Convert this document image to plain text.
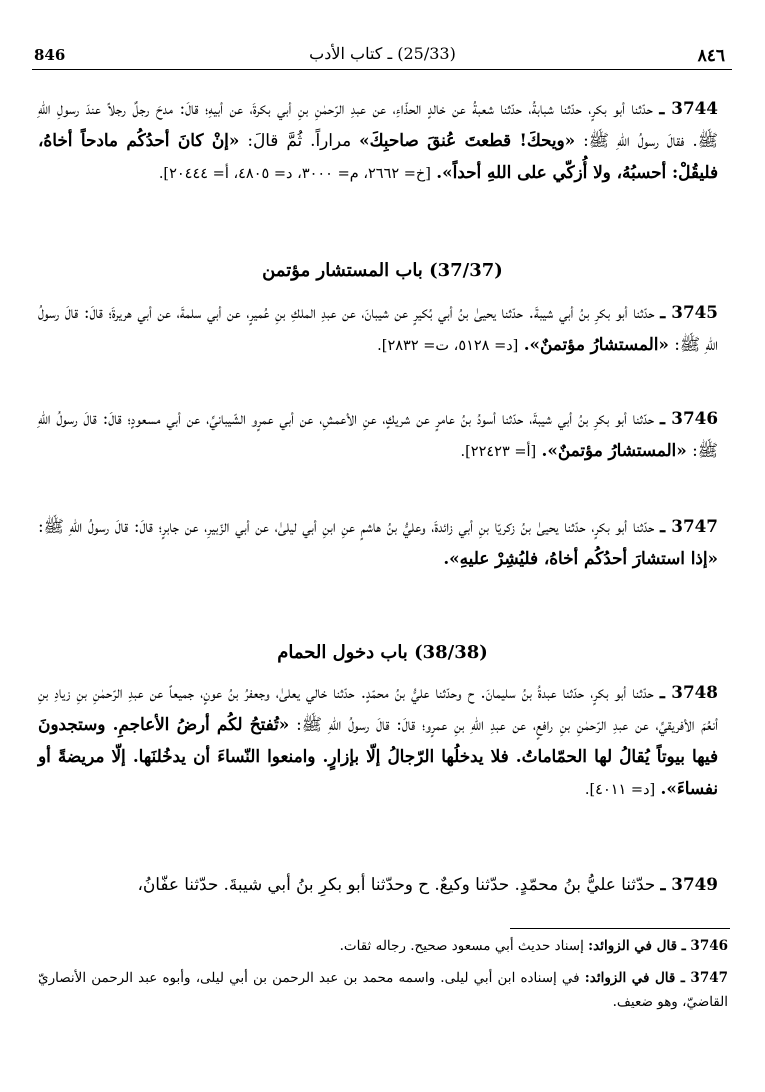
846	(25/33) ـ كتاب الأدب	٨٤٦

3744 ـ حدّثنا أبو بكرٍ، حدّثنا شبابةُ، حدّثنا شعبةُ عن خالدٍ الحذّاءِ، عن عبدِ الرّحمٰنِ بنِ أبي بكرةَ، عن أبيهِ؛ قالَ: مدحَ رجلٌ رجلاً عندَ رسولِ اللهِ ﷺ. فقالَ رسولُ اللهِ ﷺ: «ويحكَ! قطعتَ عُنقَ صاحبِكَ» مراراً. ثُمَّ قالَ: «إنْ كانَ أحدُكُم مادحاً أخاهُ، فليقُلْ: أحسبُهُ، ولا أُزكّي على اللهِ أحداً». [خ= ٢٦٦٢، م= ٣٠٠٠، د= ٤٨٠٥، أ= ٢٠٤٤٤].

(37/37) باب المستشار مؤتمن

3745 ـ حدّثنا أبو بكرِ بنُ أبي شيبةَ. حدّثنا يحيىٰ بنُ أبي بُكيرٍ عن شيبانَ، عن عبدِ الملكِ بنِ عُميرٍ، عن أبي سلمةَ، عن أبي هريرةَ؛ قالَ: قالَ رسولُ اللهِ ﷺ: «المستشارُ مؤتمنٌ». [د= ٥١٢٨، ت= ٢٨٣٢].

3746 ـ حدّثنا أبو بكرِ بنُ أبي شيبةَ، حدّثنا أسودُ بنُ عامرٍ عن شريكٍ، عنِ الأعمشِ، عن أبي عمرٍو الشّيبانيِّ، عن أبي مسعودٍ؛ قالَ: قالَ رسولُ اللهِ ﷺ: «المستشارُ مؤتمنٌ». [أ= ٢٢٤٢٣].

3747 ـ حدّثنا أبو بكرٍ، حدّثنا يحيىٰ بنُ زكريّا بنِ أبي زائدةَ، وعليُّ بنُ هاشمٍ عنِ ابنِ أبي ليلىٰ، عن أبي الزّبيرِ، عن جابرٍ؛ قالَ: قالَ رسولُ اللهِ ﷺ: «إذا استشارَ أحدُكُم أخاهُ، فليُشِرْ عليهِ».

(38/38) باب دخول الحمام

3748 ـ حدّثنا أبو بكرٍ، حدّثنا عبدةُ بنُ سليمانَ. ح وحدّثنا عليُّ بنُ محمّدٍ. حدّثنا خالي يعلىٰ، وجعفرُ بنُ عونٍ، جميعاً عن عبدِ الرّحمٰنِ بنِ زيادِ بنِ أنعُمَ الأفريقيِّ، عن عبدِ الرّحمٰنِ بنِ رافعٍ، عن عبدِ اللهِ بنِ عمرٍو؛ قالَ: قالَ رسولُ اللهِ ﷺ: «تُفتحُ لكُم أرضُ الأعاجمِ. وستجدونَ فيها بيوتاً يُقالُ لها الحمّاماتُ. فلا يدخلُها الرّجالُ إلّا بإزارٍ. وامنعوا النّساءَ أن يدخُلنَها. إلّا مريضةً أو نفساءَ». [د= ٤٠١١].

3749 ـ حدّثنا عليُّ بنُ محمّدٍ. حدّثنا وكيعٌ. ح وحدّثنا أبو بكرِ بنُ أبي شيبةَ. حدّثنا عفّانُ،

3746 ـ قال في الزوائد: إسناد حديث أبي مسعود صحيح. رجاله ثقات.

3747 ـ قال في الزوائد: في إسناده ابن أبي ليلى. واسمه محمد بن عبد الرحمن بن أبي ليلى، وأبوه عبد الرحمن الأنصاريّ القاضيّ، وهو ضعيف.
